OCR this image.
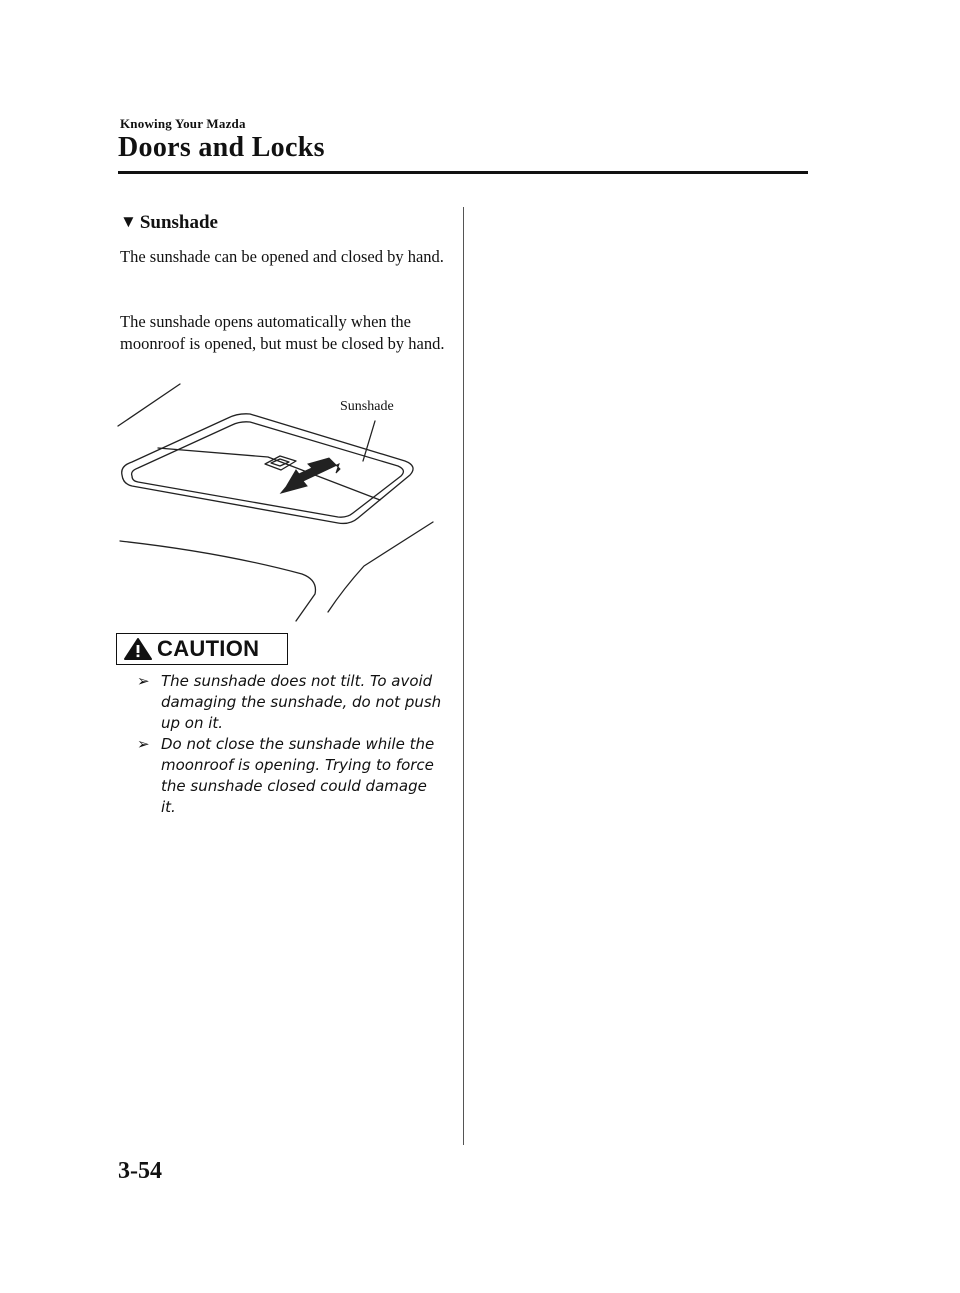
Knowing Your Mazda
Doors and Locks
▼ Sunshade
The sunshade can be opened and closed by hand.
The sunshade opens automatically when the moonroof is opened, but must be closed by hand.
Sunshade
CAUTION
➢ The sunshade does not tilt. To avoid damaging the sunshade, do not push up on it.
➢ Do not close the sunshade while the moonroof is opening. Trying to force the sunshade closed could damage it.
3-54
